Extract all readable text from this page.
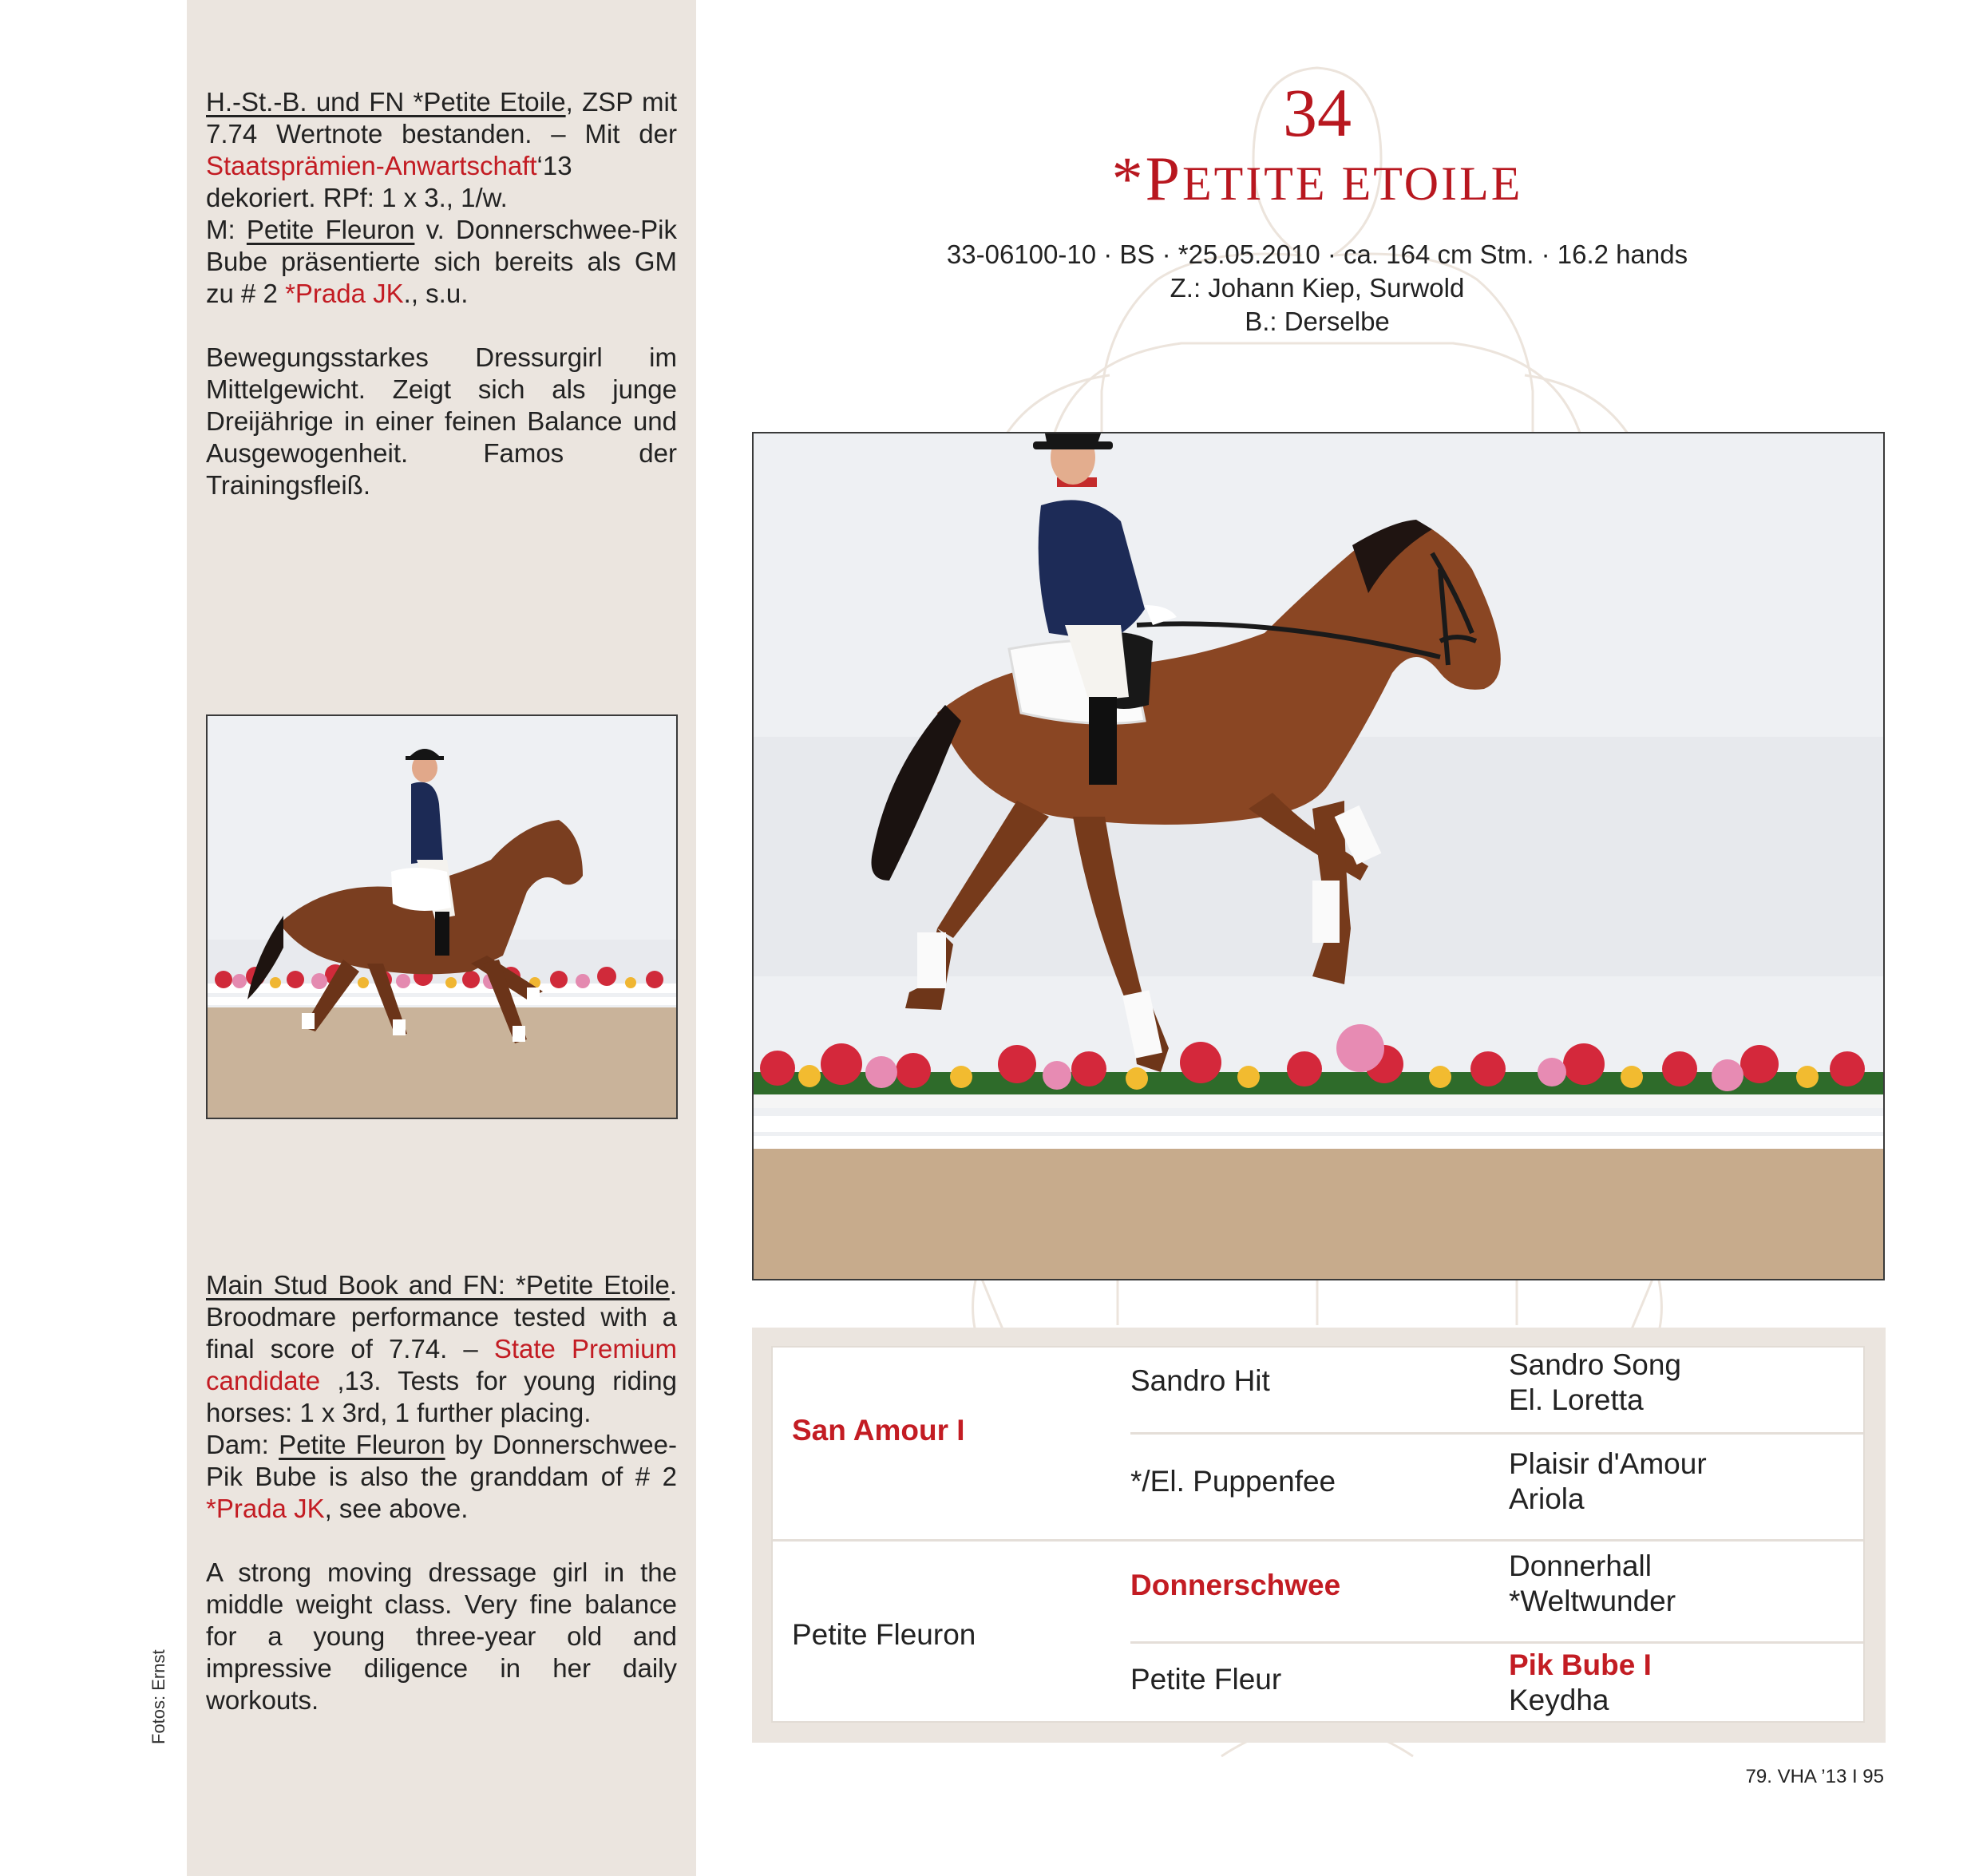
H.-St.-B. und FN *Petite Etoile, ZSP mit 7.74 Wertnote bestanden. – Mit der Staatsprämien-Anwartschaft‘13 dekoriert. RPf: 1 x 3., 1/w.
M: Petite Fleuron v. Donnerschwee-Pik Bube präsentierte sich bereits als GM zu # 2 *Prada JK., s.u.

Bewegungsstarkes Dressurgirl im Mittelgewicht. Zeigt sich als junge Dreijährige in einer feinen Balance und Ausgewogenheit. Famos der Trainingsfleiß.

Main Stud Book and FN: *Petite Etoile. Broodmare performance tested with a final score of 7.74. – State Premium candidate ,13. Tests for young riding horses: 1 x 3rd, 1 further placing.
Dam: Petite Fleuron by Donnerschwee-Pik Bube is also the granddam of # 2 *Prada JK, see above.

A strong moving dressage girl in the middle weight class. Very fine balance for a young three-year old and impressive diligence in her daily workouts.

Fotos: Ernst
34
*PETITE ETOILE
33-06100-10 · BS · *25.05.2010 · ca. 164 cm Stm. · 16.2 hands
Z.: Johann Kiep, Surwold
B.: Derselbe
San Amour I
Petite Fleuron
Sandro Hit
*/El. Puppenfee
Donnerschwee
Petite Fleur
Sandro Song
El. Loretta
Plaisir d'Amour
Ariola
Donnerhall
*Weltwunder
Pik Bube I
Keydha
79. VHA ’13 I 95
